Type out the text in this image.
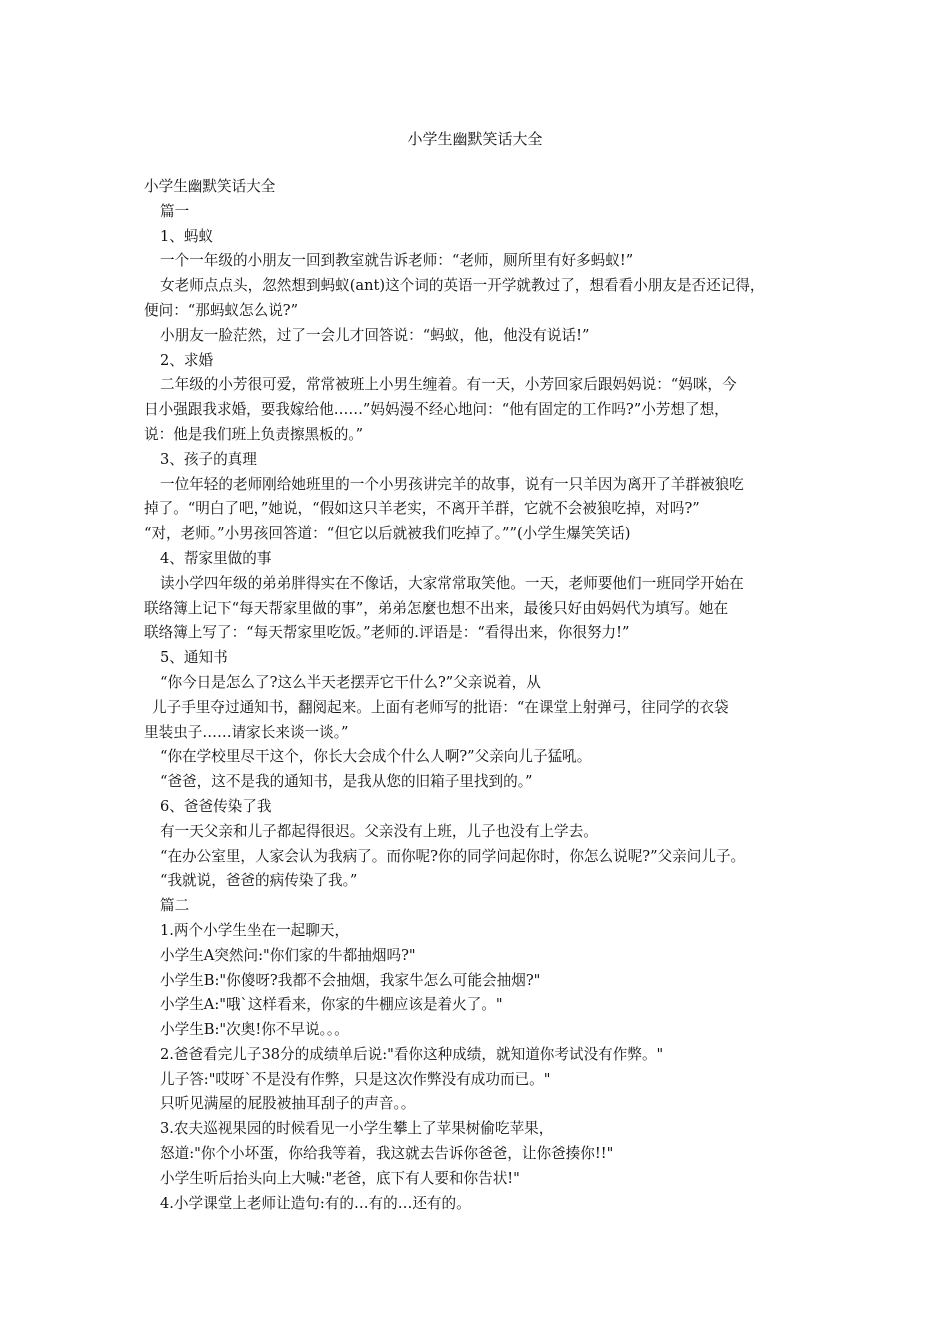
小学生幽默笑话大全
小学生幽默笑话大全
篇一
1、蚂蚁
一个一年级的小朋友一回到教室就告诉老师：“老师，厕所里有好多蚂蚁!”
女老师点点头，忽然想到蚂蚁(ant)这个词的英语一开学就教过了，想看看小朋友是否还记得，
便问：“那蚂蚁怎么说?”
小朋友一脸茫然，过了一会儿才回答说：“蚂蚁，他，他没有说话!”
2、求婚
二年级的小芳很可爱，常常被班上小男生缠着。有一天，小芳回家后跟妈妈说：“妈咪，今
日小强跟我求婚，要我嫁给他……”妈妈漫不经心地问：“他有固定的工作吗?”小芳想了想，
说：他是我们班上负责擦黑板的。”
3、孩子的真理
一位年轻的老师刚给她班里的一个小男孩讲完羊的故事，说有一只羊因为离开了羊群被狼吃
掉了。“明白了吧，”她说，“假如这只羊老实，不离开羊群，它就不会被狼吃掉，对吗?”
“对，老师。”小男孩回答道：“但它以后就被我们吃掉了。””(小学生爆笑笑话)
4、帮家里做的事
读小学四年级的弟弟胖得实在不像话，大家常常取笑他。一天，老师要他们一班同学开始在
联络簿上记下“每天帮家里做的事”，弟弟怎麼也想不出来，最後只好由妈妈代为填写。她在
联络簿上写了：“每天帮家里吃饭。”老师的.评语是：“看得出来，你很努力!”
5、通知书
“你今日是怎么了?这么半天老摆弄它干什么?”父亲说着，从
儿子手里夺过通知书，翻阅起来。上面有老师写的批语：“在课堂上射弹弓，往同学的衣袋
里装虫子……请家长来谈一谈。”
“你在学校里尽干这个，你长大会成个什么人啊?”父亲向儿子猛吼。
“爸爸，这不是我的通知书，是我从您的旧箱子里找到的。”
6、爸爸传染了我
有一天父亲和儿子都起得很迟。父亲没有上班，儿子也没有上学去。
“在办公室里，人家会认为我病了。而你呢?你的同学问起你时，你怎么说呢?”父亲问儿子。
“我就说，爸爸的病传染了我。”
篇二
1.两个小学生坐在一起聊天，
小学生A突然问:"你们家的牛都抽烟吗?"
小学生B:"你傻呀?我都不会抽烟，我家牛怎么可能会抽烟?"
小学生A:"哦`这样看来，你家的牛棚应该是着火了。"
小学生B:"次奥!你不早说。。。
2.爸爸看完儿子38分的成绩单后说:"看你这种成绩，就知道你考试没有作弊。"
儿子答:"哎呀`不是没有作弊，只是这次作弊没有成功而已。"
只听见满屋的屁股被抽耳刮子的声音。。
3.农夫巡视果园的时候看见一小学生攀上了苹果树偷吃苹果，
怒道:"你个小坏蛋，你给我等着，我这就去告诉你爸爸，让你爸揍你!!"
小学生听后抬头向上大喊:"老爸，底下有人要和你告状!"
4.小学课堂上老师让造句:有的…有的…还有的。
